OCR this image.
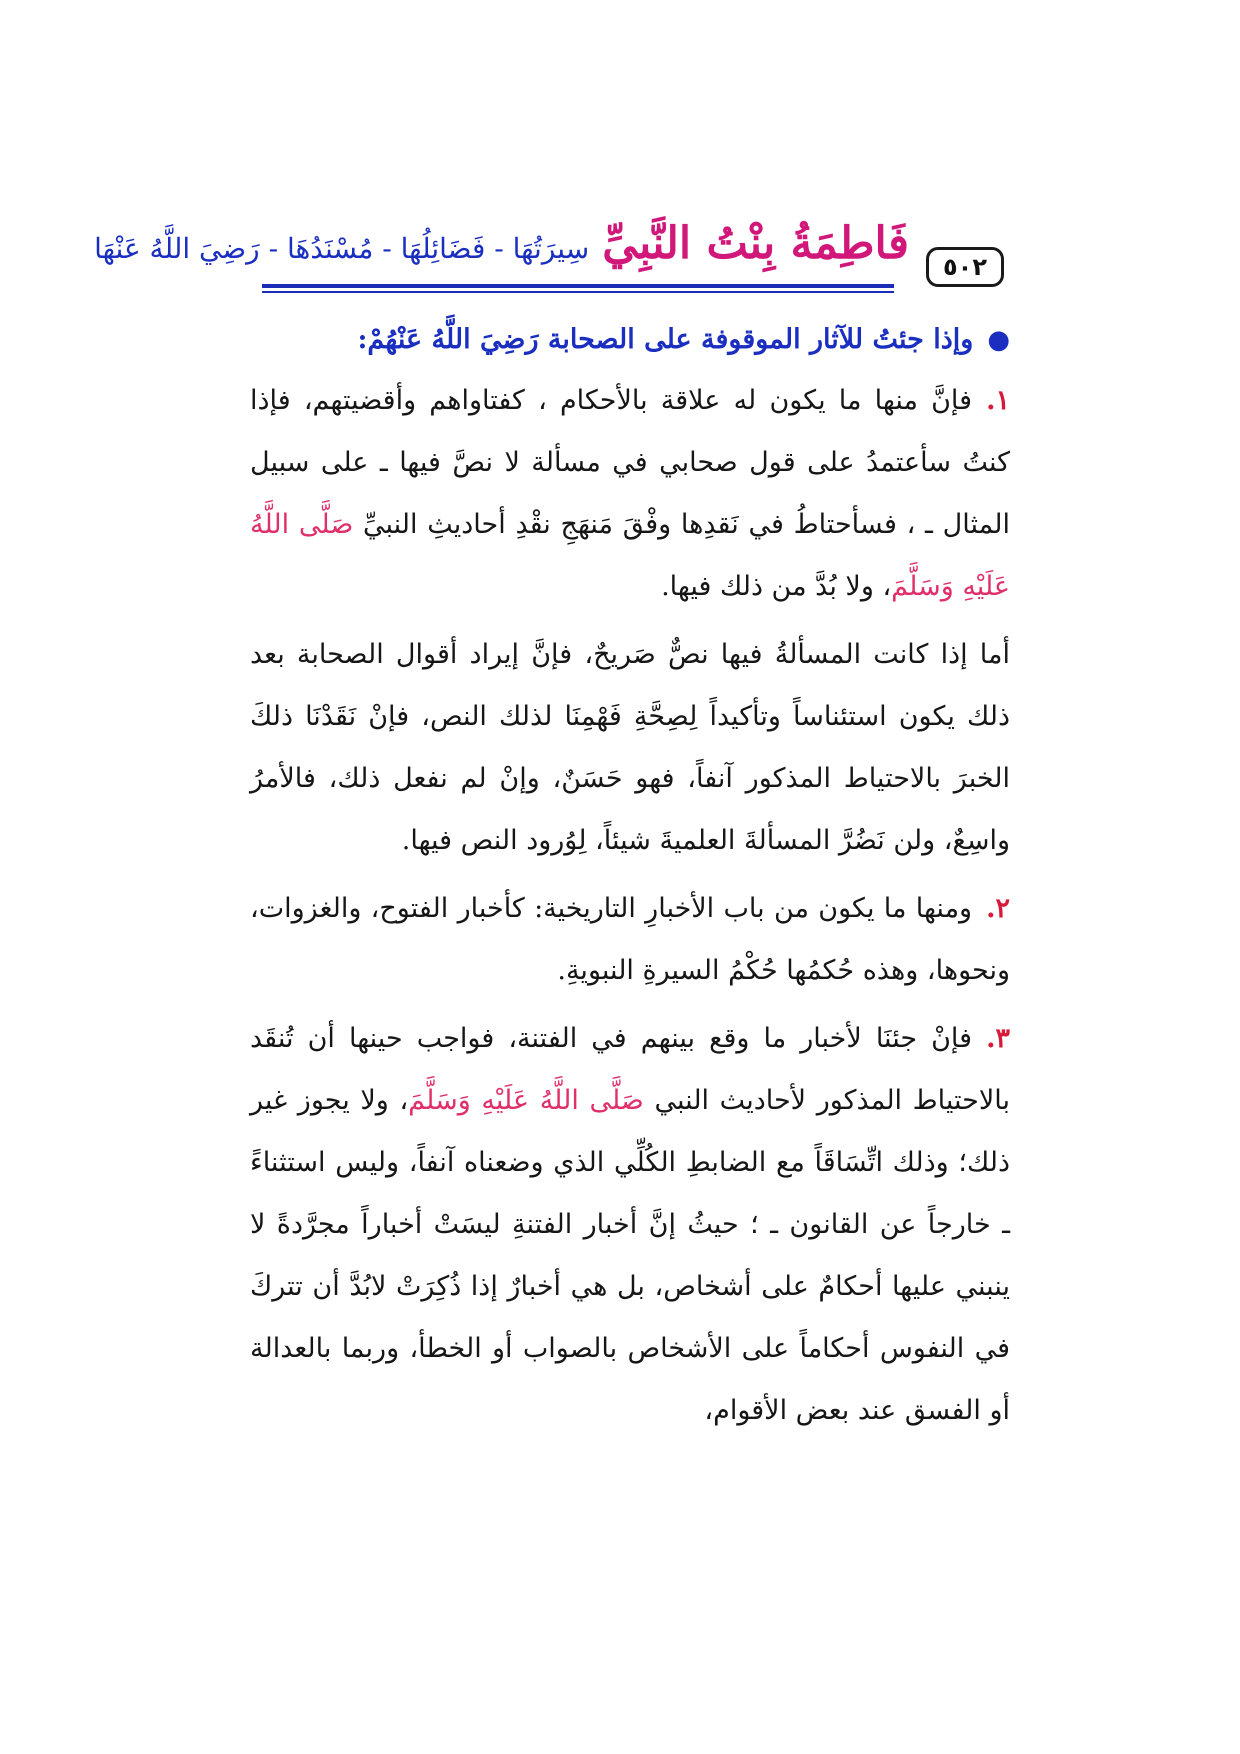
فَاطِمَةُ بِنْتُ النَّبِيِّ سِيرَتُهَا - فَضَائِلُهَا - مُسْنَدُهَا - رَضِيَ اللَّهُ عَنْهَا
٥٠٢

●وإذا جئتُ للآثار الموقوفة على الصحابة رَضِيَ اللَّهُ عَنْهُمْ:

١.فإنَّ منها ما يكون له علاقة بالأحكام ، كفتاواهم وأقضيتهم، فإذا كنتُ سأعتمدُ على قول صحابي في مسألة لا نصَّ فيها ـ على سبيل المثال ـ ، فسأحتاطُ في نَقدِها وفْقَ مَنهَجِ نقْدِ أحاديثِ النبيِّ صَلَّى اللَّهُ عَلَيْهِ وَسَلَّمَ، ولا بُدَّ من ذلك فيها.

أما إذا كانت المسألةُ فيها نصٌّ صَريحٌ، فإنَّ إيراد أقوال الصحابة بعد ذلك يكون استئناساً وتأكيداً لِصِحَّةِ فَهْمِنَا لذلك النص، فإنْ نَقَدْنَا ذلكَ الخبرَ بالاحتياط المذكور آنفاً، فهو حَسَنٌ، وإنْ لم نفعل ذلك، فالأمرُ واسِعٌ، ولن نَضُرَّ المسألةَ العلميةَ شيئاً، لِوُرود النص فيها.

٢.ومنها ما يكون من باب الأخبارِ التاريخية: كأخبار الفتوح، والغزوات، ونحوها، وهذه حُكمُها حُكْمُ السيرةِ النبويةِ.

٣.فإنْ جئنَا لأخبار ما وقع بينهم في الفتنة، فواجب حينها أن تُنقَد بالاحتياط المذكور لأحاديث النبي صَلَّى اللَّهُ عَلَيْهِ وَسَلَّمَ، ولا يجوز غير ذلك؛ وذلك اتِّسَاقَاً مع الضابطِ الكُلِّي الذي وضعناه آنفاً، وليس استثناءً ـ خارجاً عن القانون ـ ؛ حيثُ إنَّ أخبار الفتنةِ ليسَتْ أخباراً مجرَّدةً لا ينبني عليها أحكامٌ على أشخاص، بل هي أخبارٌ إذا ذُكِرَتْ لابُدَّ أن تتركَ في النفوس أحكاماً على الأشخاص بالصواب أو الخطأ، وربما بالعدالة أو الفسق عند بعض الأقوام،
